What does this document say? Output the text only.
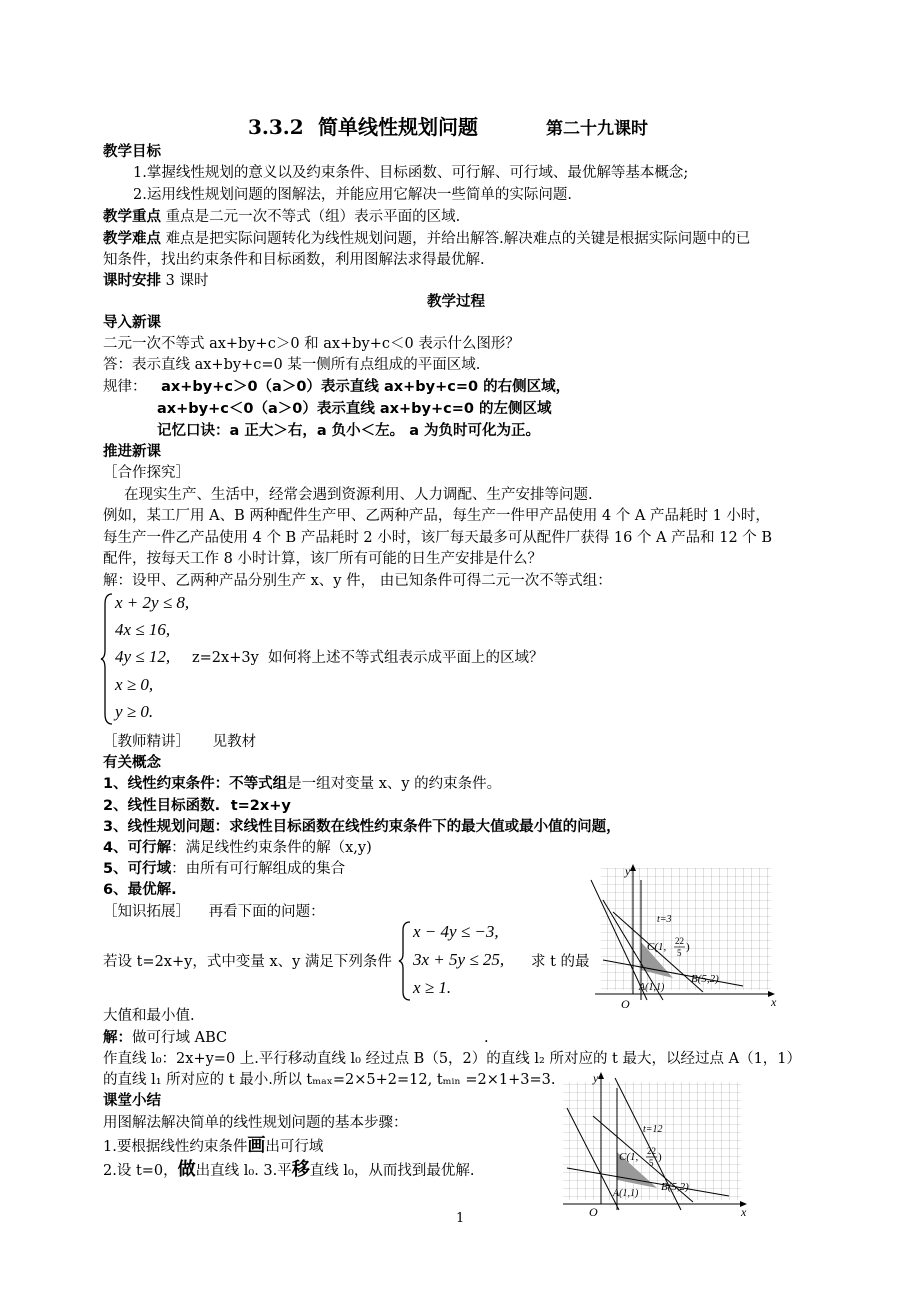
3.3.2 简单线性规划问题	第二十九课时
教学目标
1.掌握线性规划的意义以及约束条件、目标函数、可行解、可行域、最优解等基本概念;
2.运用线性规划问题的图解法，并能应用它解决一些简单的实际问题.
教学重点 重点是二元一次不等式（组）表示平面的区域.
教学难点 难点是把实际问题转化为线性规划问题，并给出解答.解决难点的关键是根据实际问题中的已
知条件，找出约束条件和目标函数，利用图解法求得最优解.
课时安排 3 课时
教学过程
导入新课
二元一次不等式 ax+by+c＞0 和 ax+by+c＜0 表示什么图形？
答：表示直线 ax+by+c=0 某一侧所有点组成的平面区域.
规律： ax+by+c＞0（a＞0）表示直线 ax+by+c=0 的右侧区域，
ax+by+c＜0（a＞0）表示直线 ax+by+c=0 的左侧区域
记忆口诀：a 正大＞右，a 负小＜左。 a 为负时可化为正。
推进新课
［合作探究］
在现实生产、生活中，经常会遇到资源利用、人力调配、生产安排等问题.
例如，某工厂用 A、B 两种配件生产甲、乙两种产品，每生产一件甲产品使用 4 个 A 产品耗时 1 小时，
每生产一件乙产品使用 4 个 B 产品耗时 2 小时，该厂每天最多可从配件厂获得 16 个 A 产品和 12 个 B
配件，按每天工作 8 小时计算，该厂所有可能的日生产安排是什么？
解：设甲、乙两种产品分别生产 x、y 件， 由已知条件可得二元一次不等式组：
x + 2y ≤ 8,
4x ≤ 16,
4y ≤ 12, z=2x+3y 如何将上述不等式组表示成平面上的区域？
x ≥ 0,
y ≥ 0.
［教师精讲］ 见教材
有关概念
1、线性约束条件：不等式组是一组对变量 x、y 的约束条件。
2、线性目标函数. t=2x+y
3、线性规划问题：求线性目标函数在线性约束条件下的最大值或最小值的问题，
4、可行解：满足线性约束条件的解（x,y)
5、可行域：由所有可行解组成的集合
6、最优解.
［知识拓展］ 再看下面的问题：
若设 t=2x+y，式中变量 x、y 满足下列条件
x − 4y ≤ −3,
3x + 5y ≤ 25, 求 t 的最
x ≥ 1.
大值和最小值.
解：做可行域 ABC	.
作直线 l₀：2x+y=0 上.平行移动直线 l₀ 经过点 B（5，2）的直线 l₂ 所对应的 t 最大，以经过点 A（1，1）
的直线 l₁ 所对应的 t 最小.所以 tₘₐₓ=2×5+2=12, tₘᵢₙ =2×1+3=3.
课堂小结
用图解法解决简单的线性规划问题的基本步骤：
1.要根据线性约束条件画出可行域
2.设 t=0，做出直线 l₀. 3.平移直线 l₀，从而找到最优解.
1
y
x
O
t=3
C(1, 22
5 )
B(5,2)
A(1,1)
y
x
O
t=12
C(1, 22
5 )
B(5,2)
A(1,1)
